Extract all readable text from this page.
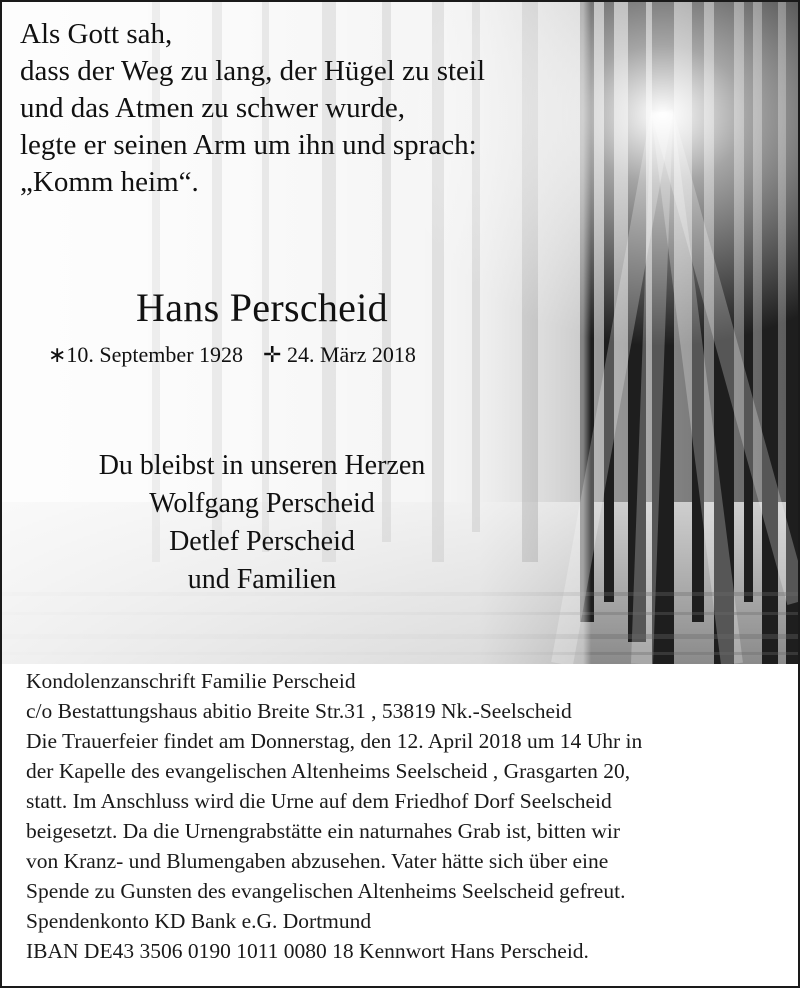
Als Gott sah,
dass der Weg zu lang, der Hügel zu steil
und das Atmen zu schwer wurde,
legte er seinen Arm um ihn und sprach:
„Komm heim“.
Hans Perscheid
∗10. September 1928 ✛ 24. März 2018
Du bleibst in unseren Herzen
Wolfgang Perscheid
Detlef Perscheid
und Familien
Kondolenzanschrift Familie Perscheid
c/o Bestattungshaus abitio Breite Str.31 , 53819 Nk.-Seelscheid
Die Trauerfeier findet am Donnerstag, den 12. April 2018 um 14 Uhr in
der Kapelle des evangelischen Altenheims Seelscheid , Grasgarten 20,
statt. Im Anschluss wird die Urne auf dem Friedhof Dorf Seelscheid
beigesetzt. Da die Urnengrabstätte ein naturnahes Grab ist, bitten wir
von Kranz- und Blumengaben abzusehen. Vater hätte sich über eine
Spende zu Gunsten des evangelischen Altenheims Seelscheid gefreut.
Spendenkonto KD Bank e.G. Dortmund
IBAN DE43 3506 0190 1011 0080 18 Kennwort Hans Perscheid.
